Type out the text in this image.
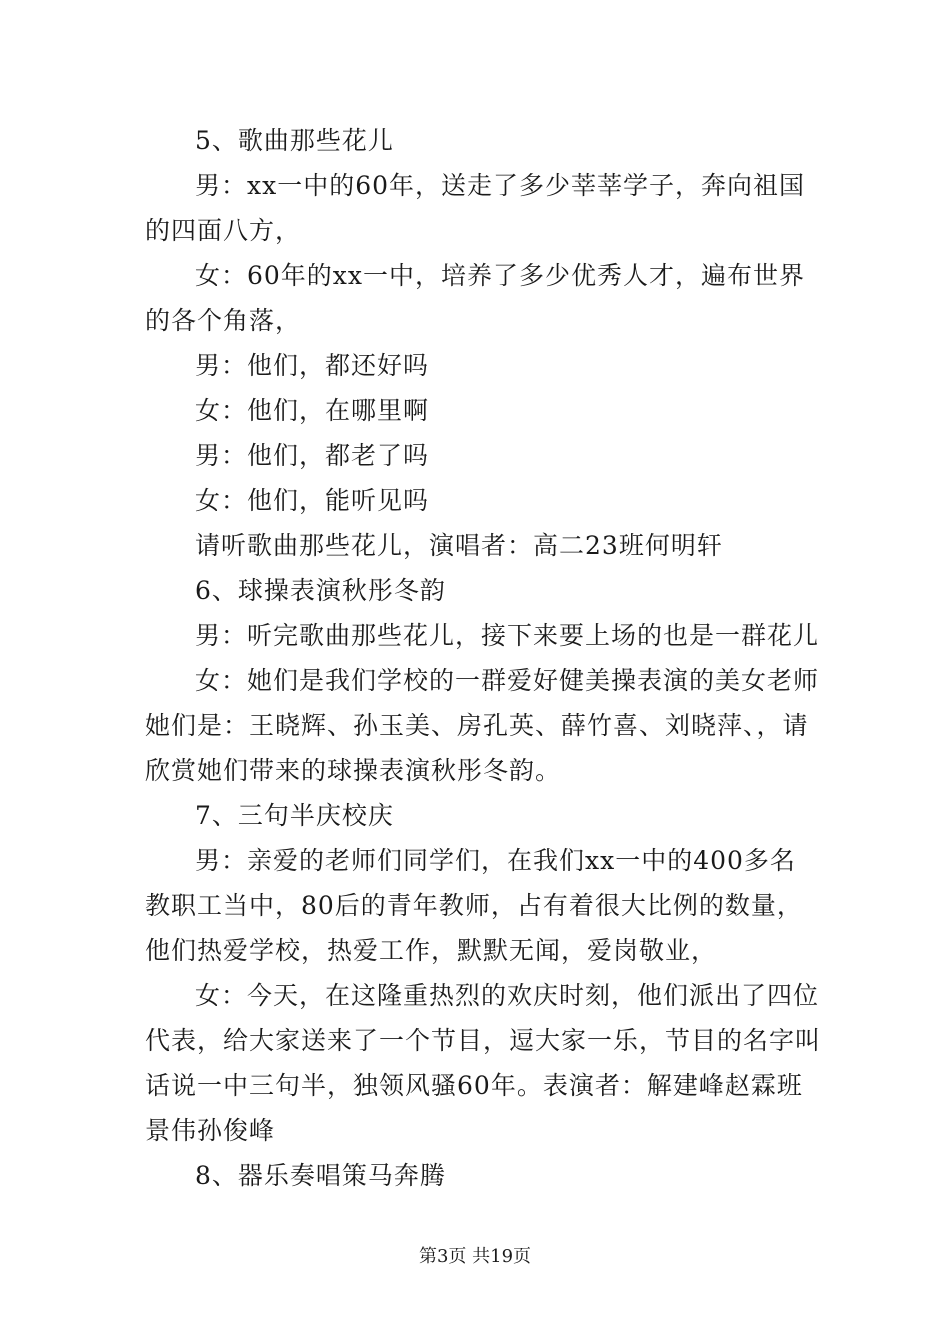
5、歌曲那些花儿
男：xx一中的60年，送走了多少莘莘学子，奔向祖国
的四面八方，
女：60年的xx一中，培养了多少优秀人才，遍布世界
的各个角落，
男：他们，都还好吗
女：他们，在哪里啊
男：他们，都老了吗
女：他们，能听见吗
请听歌曲那些花儿，演唱者：高二23班何明轩
6、球操表演秋彤冬韵
男：听完歌曲那些花儿，接下来要上场的也是一群花儿
女：她们是我们学校的一群爱好健美操表演的美女老师
她们是：王晓辉、孙玉美、房孔英、薛竹喜、刘晓萍、，请
欣赏她们带来的球操表演秋彤冬韵。
7、三句半庆校庆
男：亲爱的老师们同学们，在我们xx一中的400多名
教职工当中，80后的青年教师，占有着很大比例的数量，
他们热爱学校，热爱工作，默默无闻，爱岗敬业，
女：今天，在这隆重热烈的欢庆时刻，他们派出了四位
代表，给大家送来了一个节目，逗大家一乐，节目的名字叫
话说一中三句半，独领风骚60年。表演者：解建峰赵霖班
景伟孙俊峰
8、器乐奏唱策马奔腾
第3页 共19页
